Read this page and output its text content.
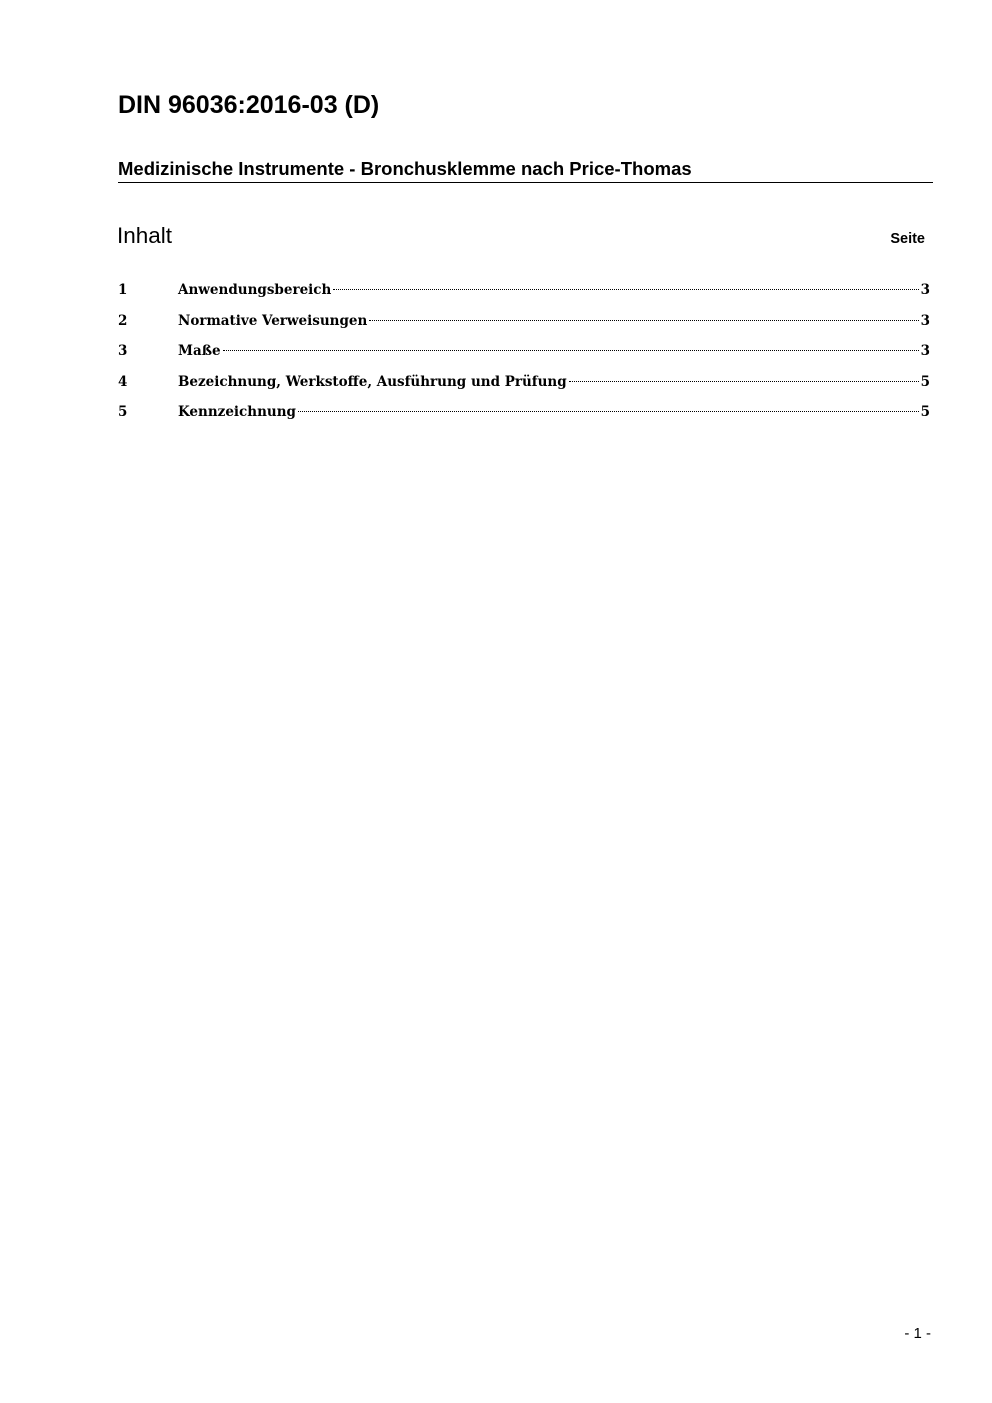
DIN 96036:2016-03 (D)
Medizinische Instrumente - Bronchusklemme nach Price-Thomas
Inhalt	Seite
1	Anwendungsbereich	3
2	Normative Verweisungen	3
3	Maße	3
4	Bezeichnung, Werkstoffe, Ausführung und Prüfung	5
5	Kennzeichnung	5
- 1 -
